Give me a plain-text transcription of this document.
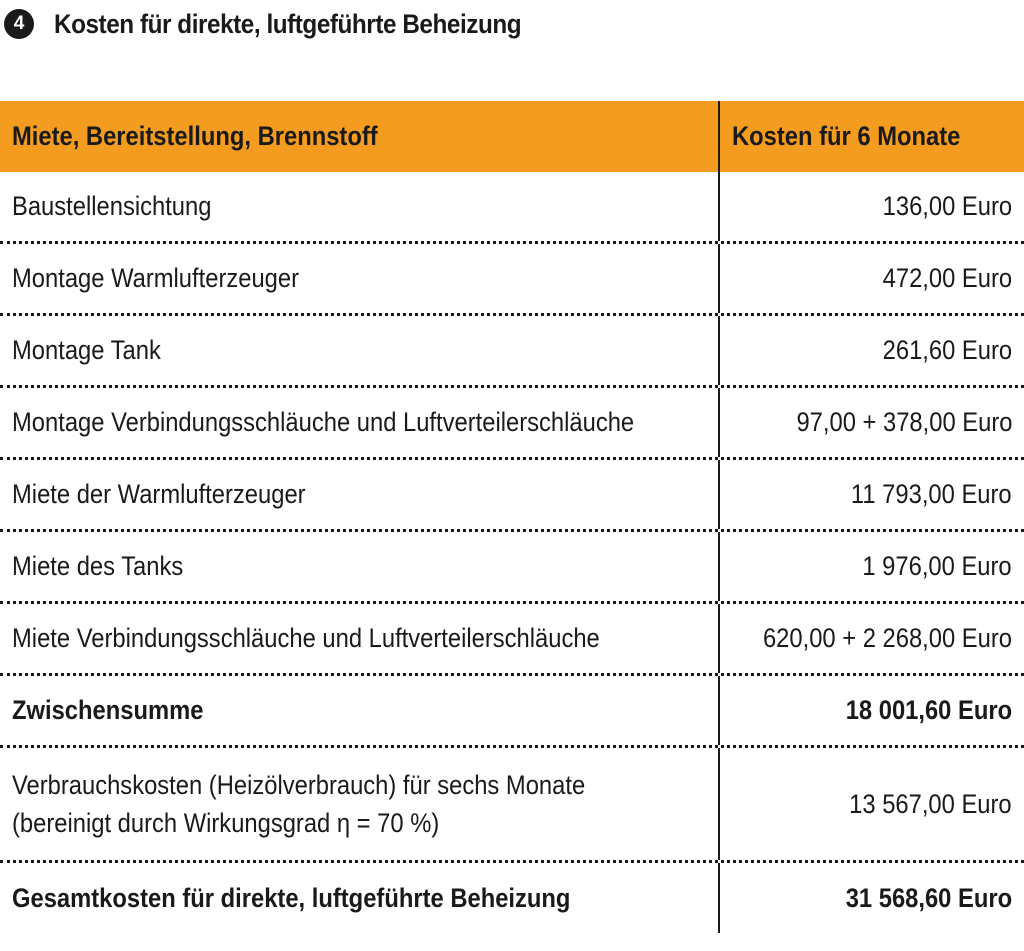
4	Kosten für direkte, luftgeführte Beheizung
Miete, Bereitstellung, Brennstoff	Kosten für 6 Monate
Baustellensichtung	136,00 Euro
Montage Warmlufterzeuger	472,00 Euro
Montage Tank	261,60 Euro
Montage Verbindungsschläuche und Luftverteilerschläuche	97,00 + 378,00 Euro
Miete der Warmlufterzeuger	11 793,00 Euro
Miete des Tanks	1 976,00 Euro
Miete Verbindungsschläuche und Luftverteilerschläuche	620,00 + 2 268,00 Euro
Zwischensumme	18 001,60 Euro
Verbrauchskosten (Heizölverbrauch) für sechs Monate
(bereinigt durch Wirkungsgrad η = 70 %)
13 567,00 Euro
Gesamtkosten für direkte, luftgeführte Beheizung	31 568,60 Euro
